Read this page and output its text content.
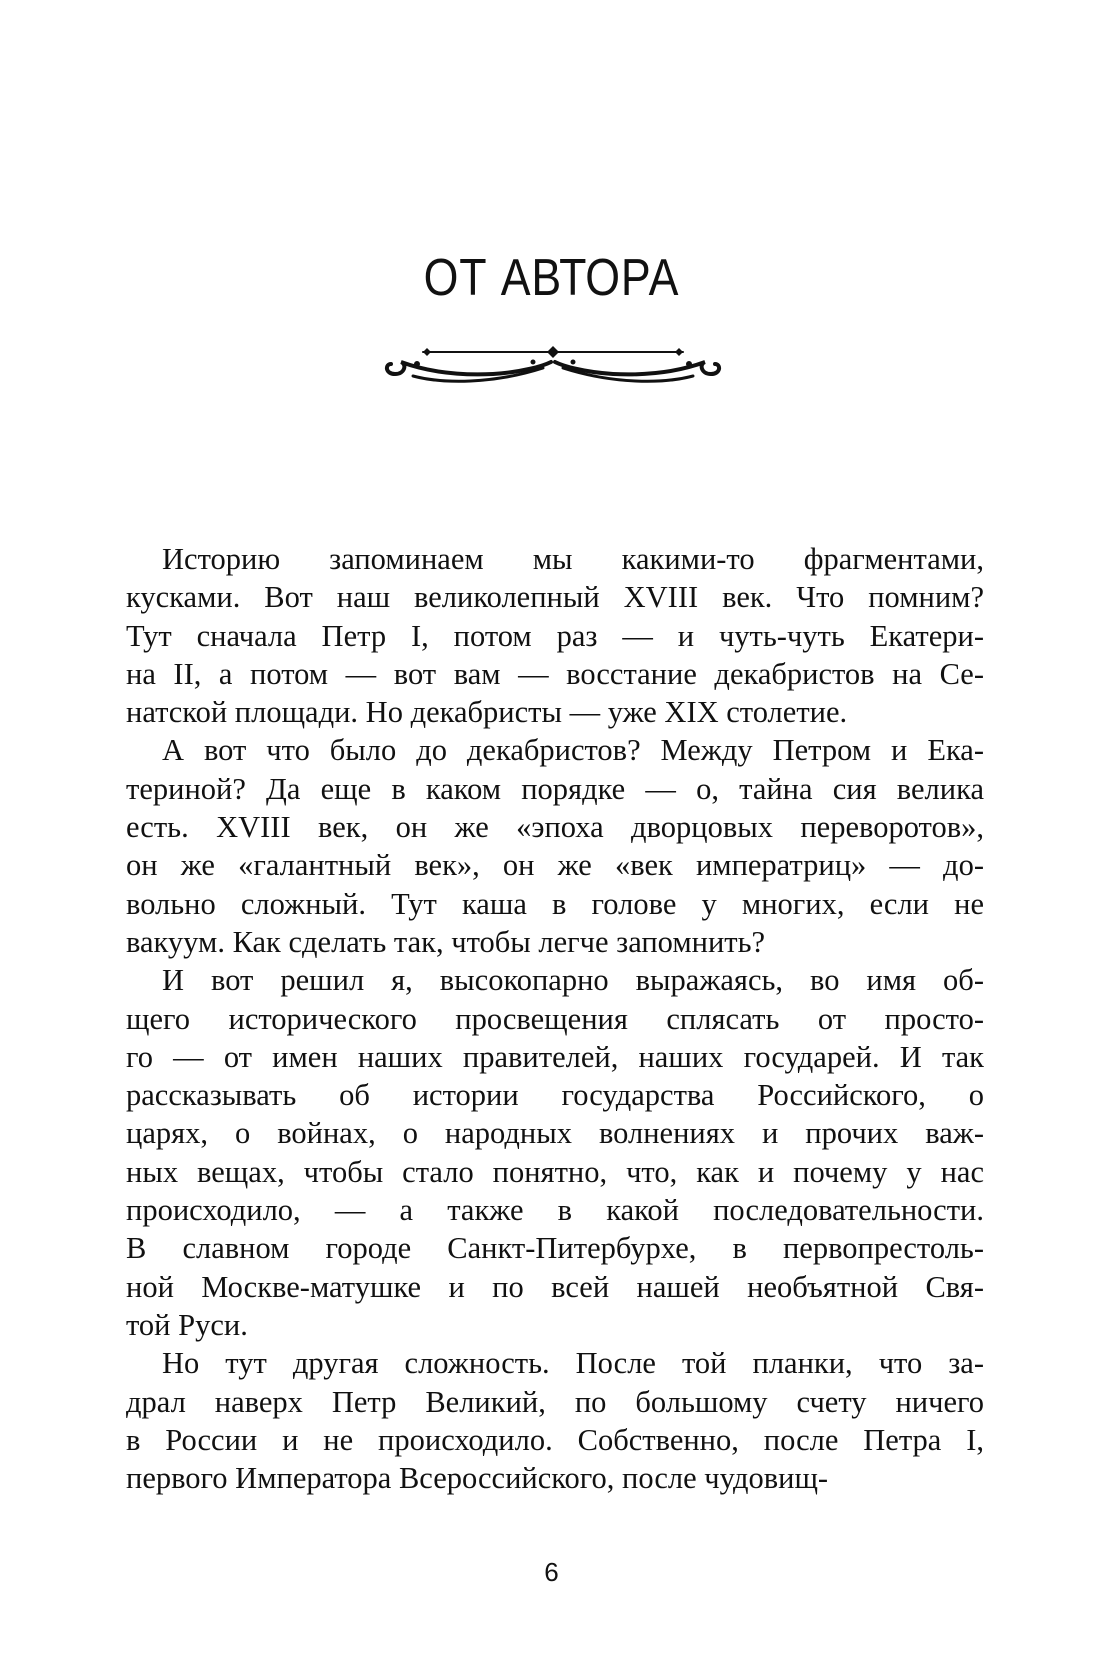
ОТ АВТОРА
Историю запоминаем мы какими-то фрагментами,
кусками. Вот наш великолепный XVIII век. Что помним?
Тут сначала Петр I, потом раз — и чуть-чуть Екатери-
на II, а потом — вот вам — восстание декабристов на Се-
натской площади. Но декабристы — уже XIX столетие.
А вот что было до декабристов? Между Петром и Ека-
териной? Да еще в каком порядке — о, тайна сия велика
есть. XVIII век, он же «эпоха дворцовых переворотов»,
он же «галантный век», он же «век императриц» — до-
вольно сложный. Тут каша в голове у многих, если не
вакуум. Как сделать так, чтобы легче запомнить?
И вот решил я, высокопарно выражаясь, во имя об-
щего исторического просвещения сплясать от просто-
го — от имен наших правителей, наших государей. И так
рассказывать об истории государства Российского, о
царях, о войнах, о народных волнениях и прочих важ-
ных вещах, чтобы стало понятно, что, как и почему у нас
происходило, — а также в какой последовательности.
В славном городе Санкт-Питербурхе, в первопрестоль-
ной Москве-матушке и по всей нашей необъятной Свя-
той Руси.
Но тут другая сложность. После той планки, что за-
драл наверх Петр Великий, по большому счету ничего
в России и не происходило. Собственно, после Петра I,
первого Императора Всероссийского, после чудовищ-
6
